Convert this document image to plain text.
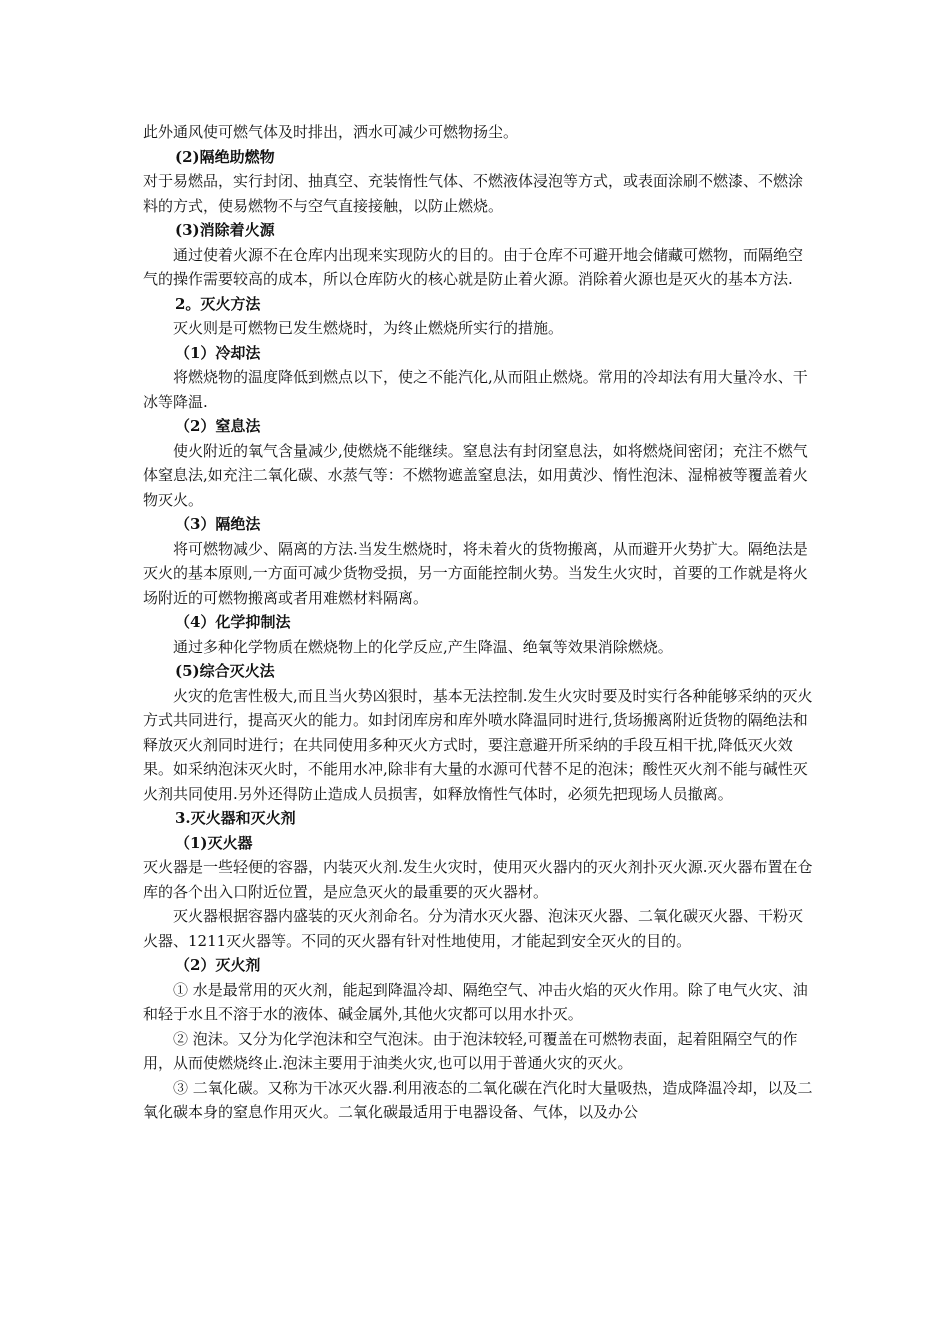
此外通风使可燃气体及时排出，洒水可减少可燃物扬尘。

(2)隔绝助燃物

对于易燃品，实行封闭、抽真空、充装惰性气体、不燃液体浸泡等方式，或表面涂刷不燃漆、不燃涂料的方式，使易燃物不与空气直接接触，以防止燃烧。

(3)消除着火源

通过使着火源不在仓库内出现来实现防火的目的。由于仓库不可避开地会储藏可燃物，而隔绝空气的操作需要较高的成本，所以仓库防火的核心就是防止着火源。消除着火源也是灭火的基本方法.

2。灭火方法

灭火则是可燃物已发生燃烧时，为终止燃烧所实行的措施。

（1）冷却法

将燃烧物的温度降低到燃点以下，使之不能汽化,从而阻止燃烧。常用的冷却法有用大量冷水、干冰等降温.

（2）窒息法

使火附近的氧气含量减少,使燃烧不能继续。窒息法有封闭窒息法，如将燃烧间密闭；充注不燃气体窒息法,如充注二氧化碳、水蒸气等：不燃物遮盖窒息法，如用黄沙、惰性泡沫、湿棉被等覆盖着火物灭火。

（3）隔绝法

将可燃物减少、隔离的方法.当发生燃烧时，将未着火的货物搬离，从而避开火势扩大。隔绝法是灭火的基本原则,一方面可减少货物受损，另一方面能控制火势。当发生火灾时，首要的工作就是将火场附近的可燃物搬离或者用难燃材料隔离。

（4）化学抑制法

通过多种化学物质在燃烧物上的化学反应,产生降温、绝氧等效果消除燃烧。

(5)综合灭火法

火灾的危害性极大,而且当火势凶狠时，基本无法控制.发生火灾时要及时实行各种能够采纳的灭火方式共同进行，提高灭火的能力。如封闭库房和库外喷水降温同时进行,货场搬离附近货物的隔绝法和释放灭火剂同时进行；在共同使用多种灭火方式时，要注意避开所采纳的手段互相干扰,降低灭火效果。如采纳泡沫灭火时，不能用水冲,除非有大量的水源可代替不足的泡沫；酸性灭火剂不能与碱性灭火剂共同使用.另外还得防止造成人员损害，如释放惰性气体时，必须先把现场人员撤离。

3.灭火器和灭火剂

（1)灭火器

灭火器是一些轻便的容器，内装灭火剂.发生火灾时，使用灭火器内的灭火剂扑灭火源.灭火器布置在仓库的各个出入口附近位置，是应急灭火的最重要的灭火器材。

灭火器根据容器内盛装的灭火剂命名。分为清水灭火器、泡沫灭火器、二氧化碳灭火器、干粉灭火器、1211灭火器等。不同的灭火器有针对性地使用，才能起到安全灭火的目的。

（2）灭火剂

① 水是最常用的灭火剂，能起到降温冷却、隔绝空气、冲击火焰的灭火作用。除了电气火灾、油和轻于水且不溶于水的液体、碱金属外,其他火灾都可以用水扑灭。

② 泡沫。又分为化学泡沫和空气泡沫。由于泡沫较轻,可覆盖在可燃物表面，起着阻隔空气的作用，从而使燃烧终止.泡沫主要用于油类火灾,也可以用于普通火灾的灭火。

③ 二氧化碳。又称为干冰灭火器.利用液态的二氧化碳在汽化时大量吸热，造成降温冷却，以及二氧化碳本身的窒息作用灭火。二氧化碳最适用于电器设备、气体，以及办公
